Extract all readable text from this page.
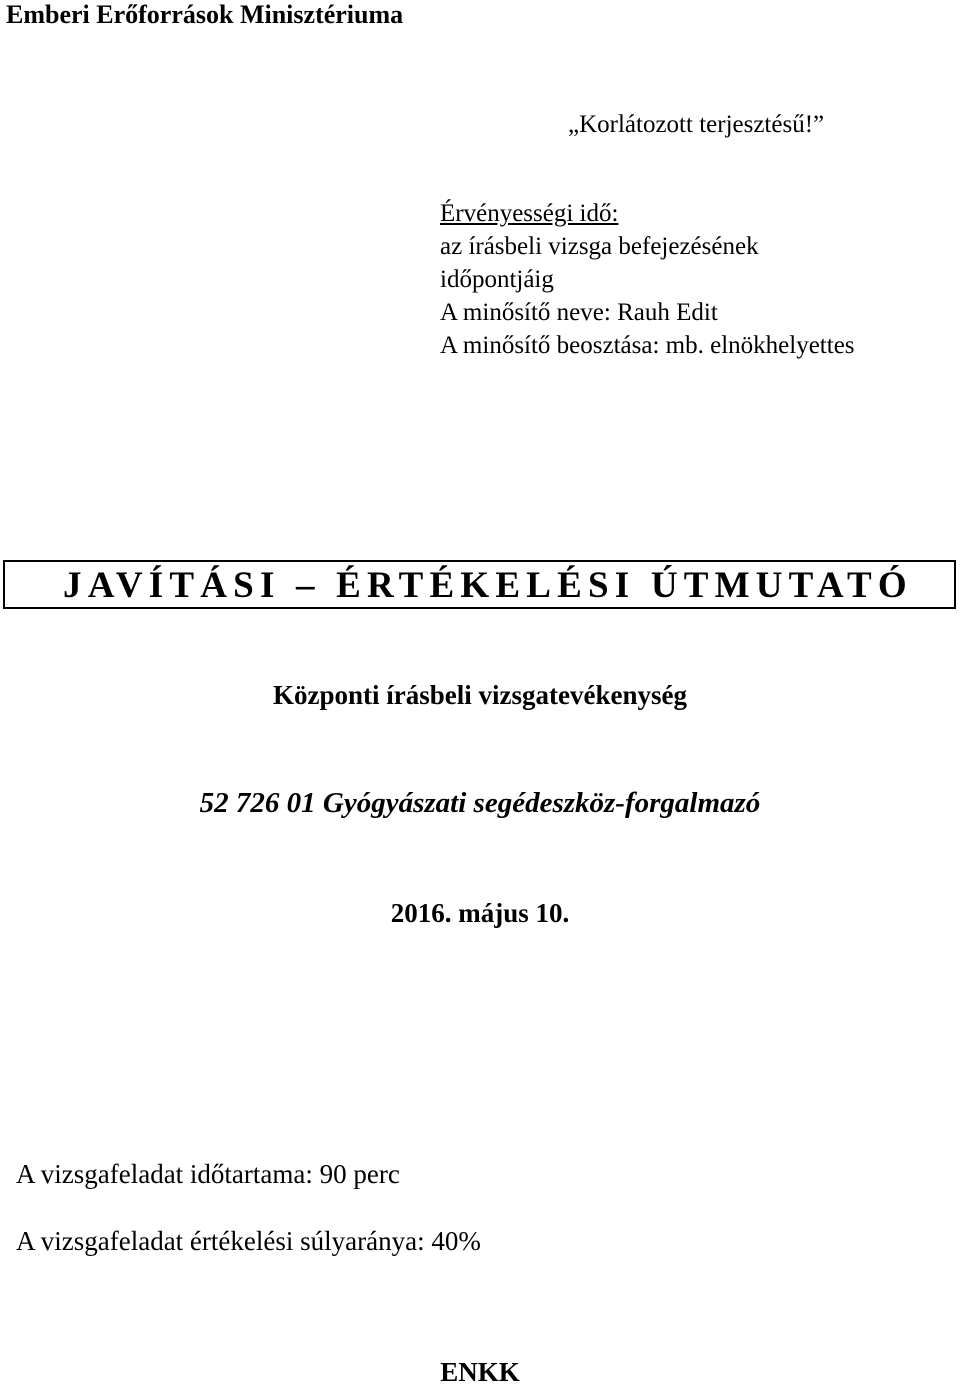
Emberi Erőforrások Minisztériuma
„Korlátozott terjesztésű!”
Érvényességi idő:
az írásbeli vizsga befejezésének
időpontjáig
A minősítő neve: Rauh Edit
A minősítő beosztása: mb. elnökhelyettes
JAVÍTÁSI – ÉRTÉKELÉSI ÚTMUTATÓ
Központi írásbeli vizsgatevékenység
52 726 01 Gyógyászati segédeszköz-forgalmazó
2016. május 10.
A vizsgafeladat időtartama: 90 perc
A vizsgafeladat értékelési súlyaránya: 40%
ENKK
